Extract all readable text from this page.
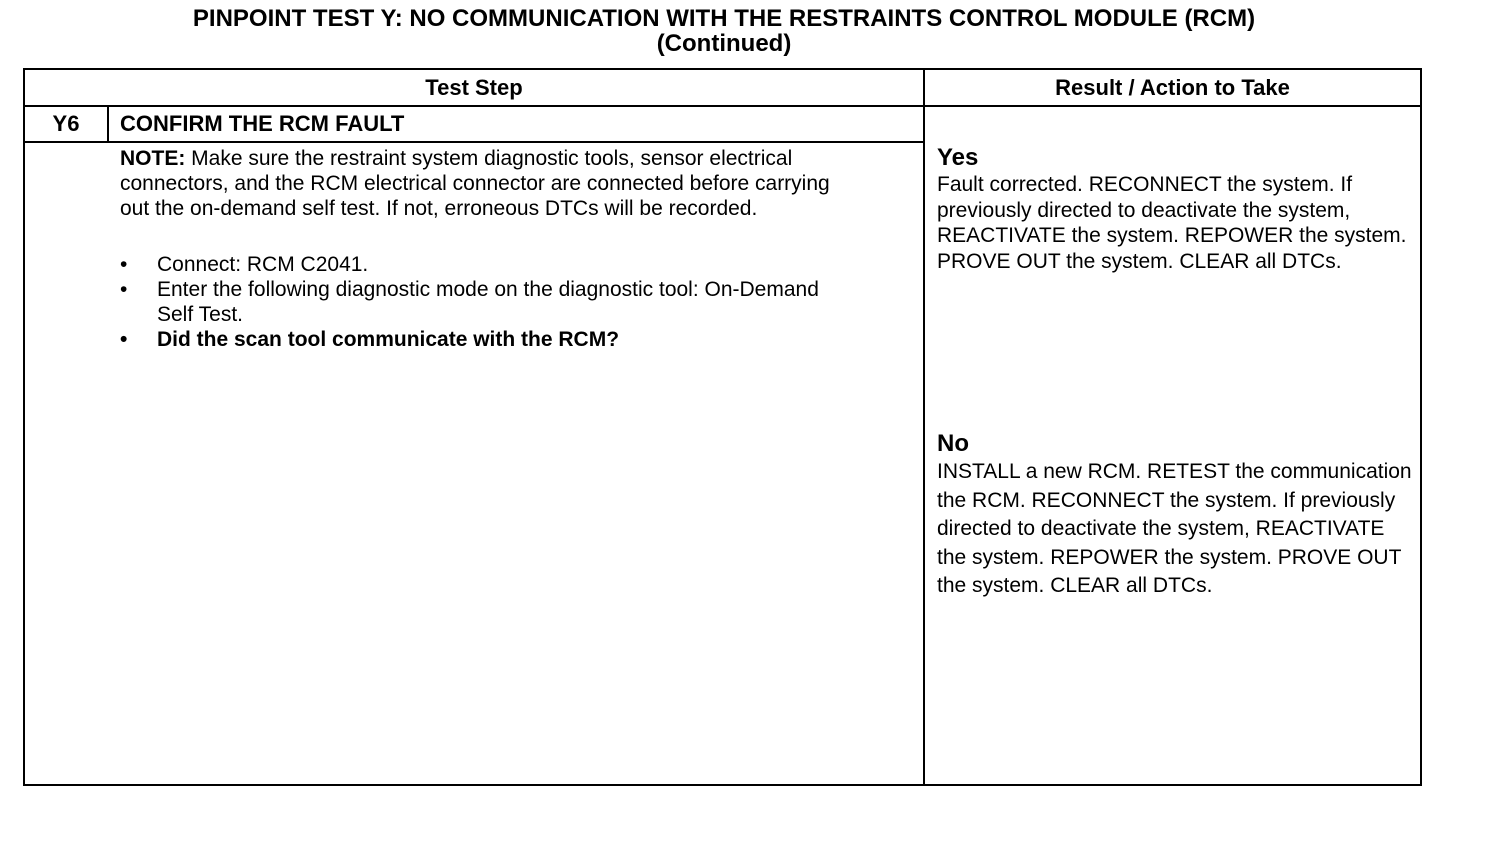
PINPOINT TEST Y: NO COMMUNICATION WITH THE RESTRAINTS CONTROL MODULE (RCM)
(Continued)
Test Step	Result / Action to Take
Y6	CONFIRM THE RCM FAULT
NOTE: Make sure the restraint system diagnostic tools, sensor electrical connectors, and the RCM electrical connector are connected before carrying out the on-demand self test. If not, erroneous DTCs will be recorded.
• Connect: RCM C2041.
• Enter the following diagnostic mode on the diagnostic tool: On-Demand Self Test.
• Did the scan tool communicate with the RCM?
Yes
Fault corrected. RECONNECT the system. If previously directed to deactivate the system, REACTIVATE the system. REPOWER the system. PROVE OUT the system. CLEAR all DTCs.
No
INSTALL a new RCM. RETEST the communication the RCM. RECONNECT the system. If previously directed to deactivate the system, REACTIVATE the system. REPOWER the system. PROVE OUT the system. CLEAR all DTCs.
